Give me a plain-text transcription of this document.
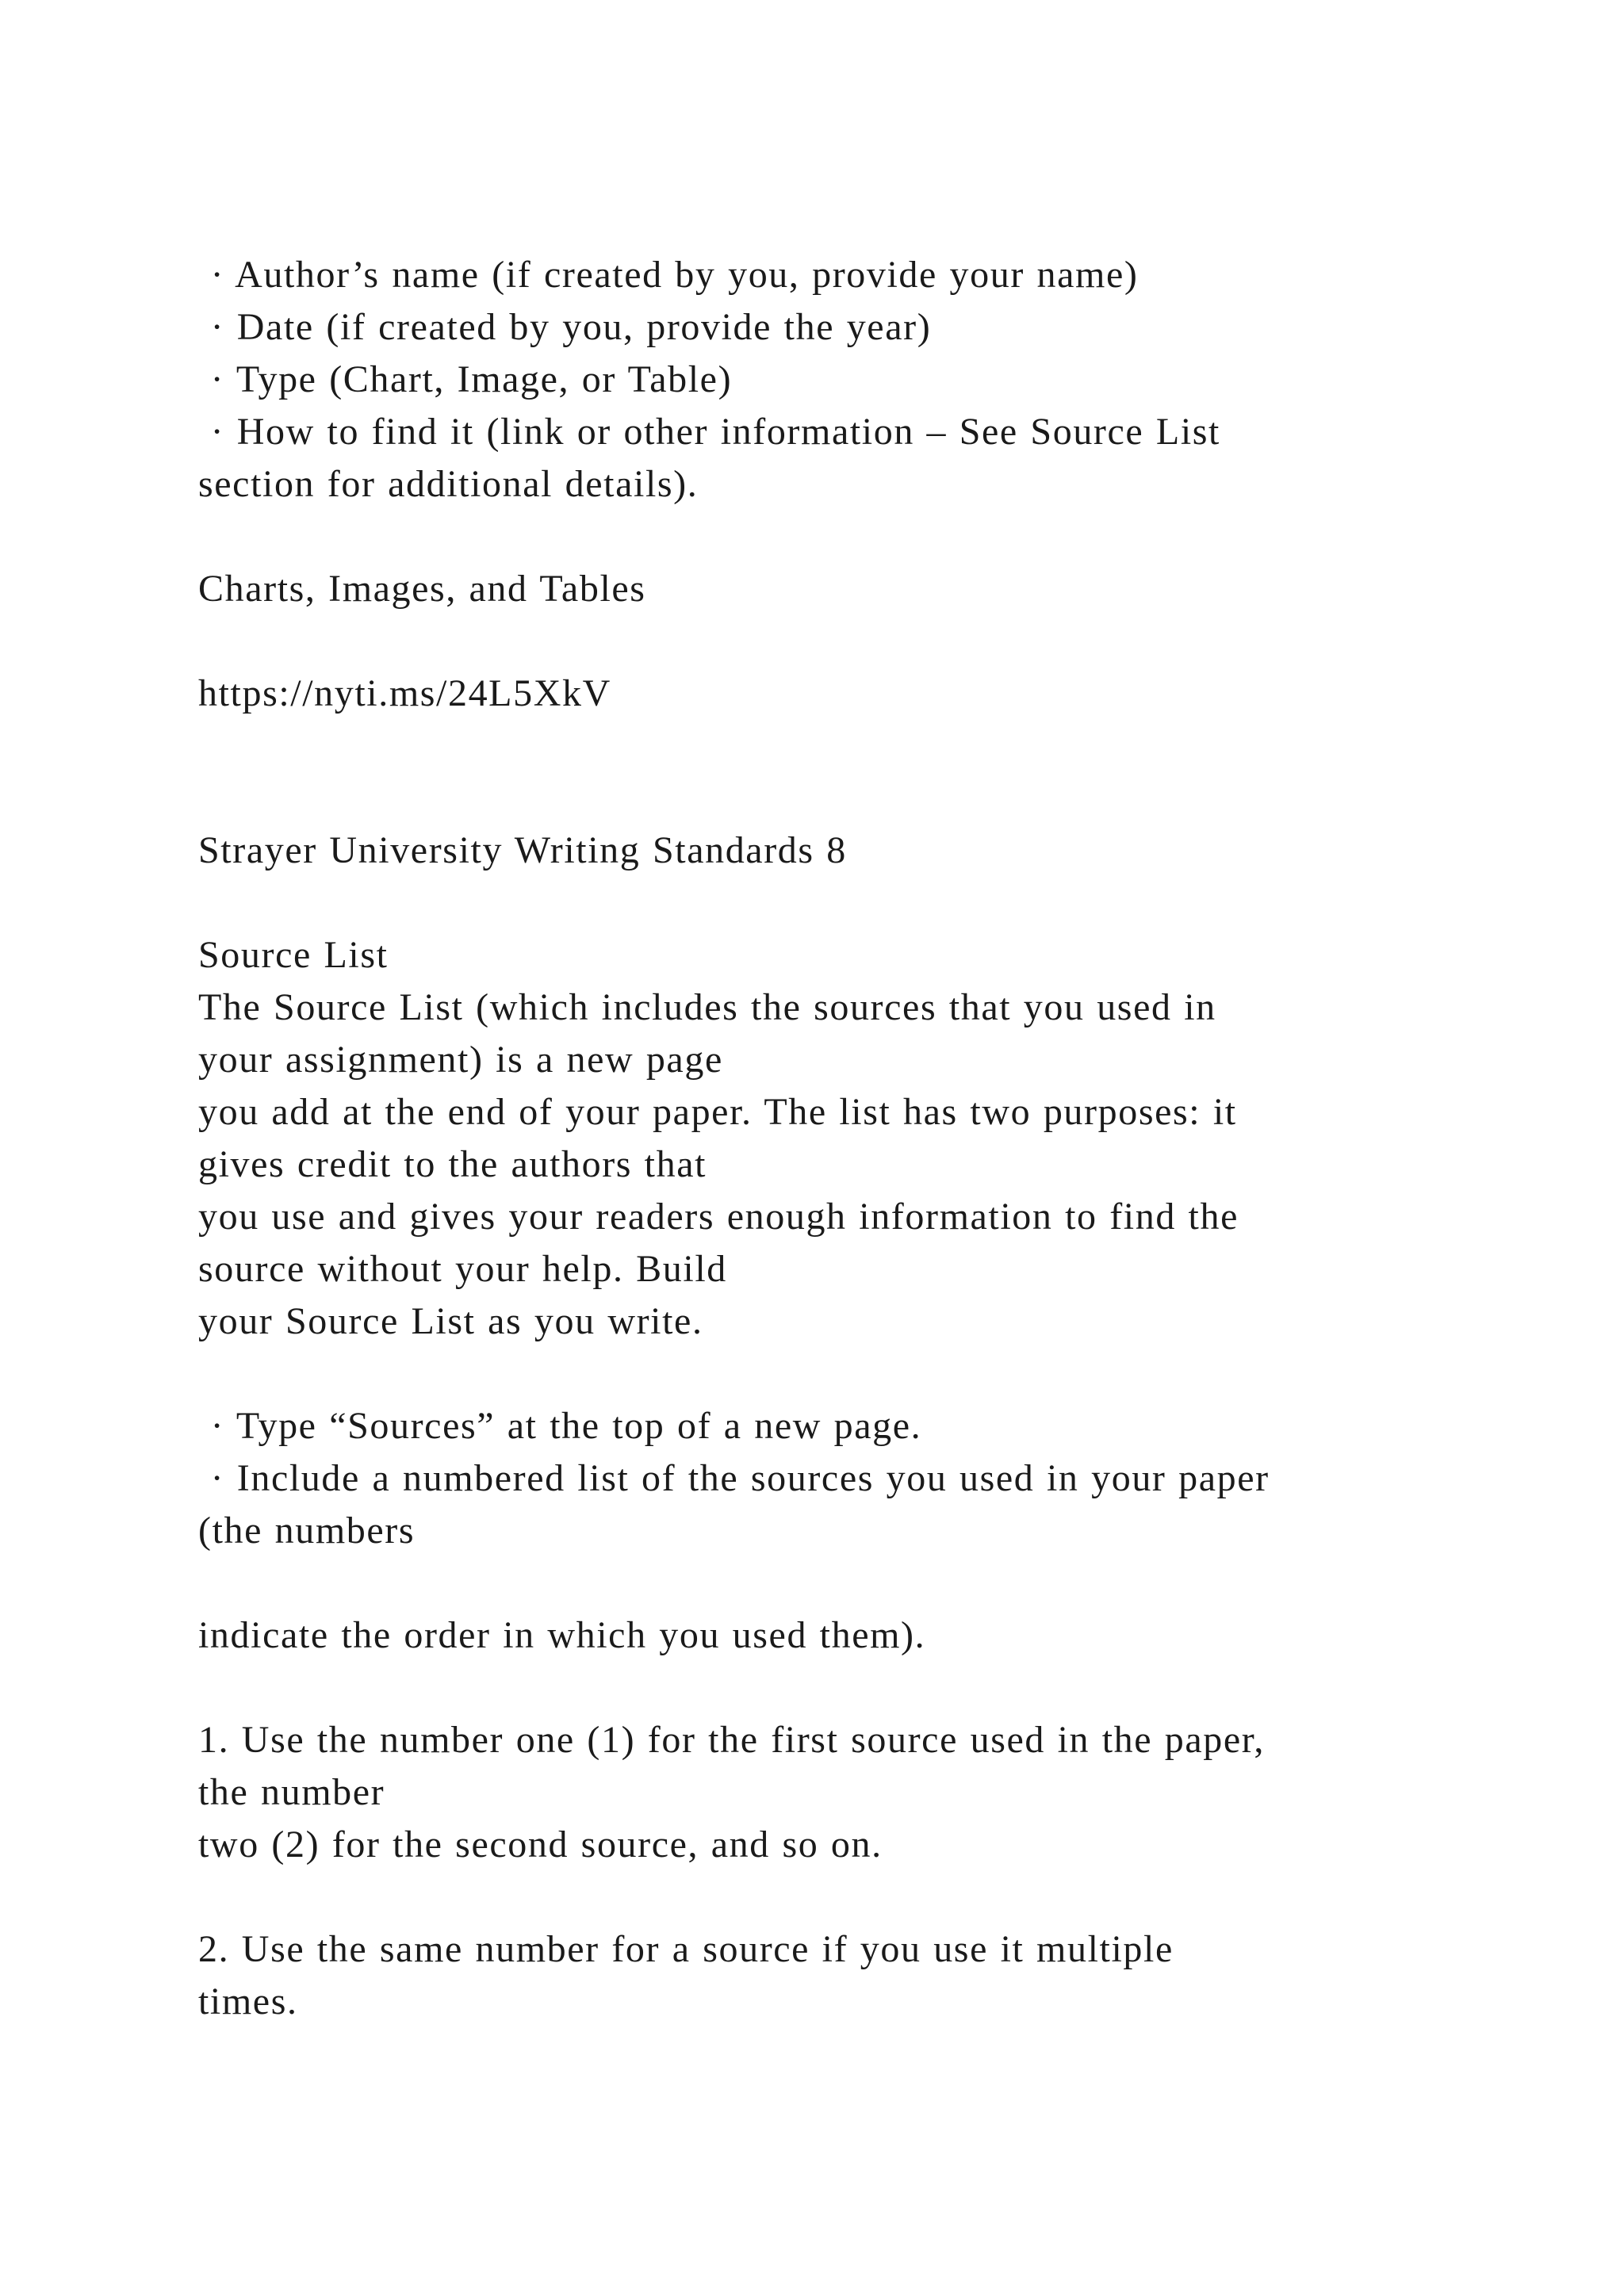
· Author’s name (if created by you, provide your name)
· Date (if created by you, provide the year)
· Type (Chart, Image, or Table)
· How to find it (link or other information – See Source List
section for additional details).
Charts, Images, and Tables
https://nyti.ms/24L5XkV
Strayer University Writing Standards 8
Source List
The Source List (which includes the sources that you used in
your assignment) is a new page
you add at the end of your paper. The list has two purposes: it
gives credit to the authors that
you use and gives your readers enough information to find the
source without your help. Build
your Source List as you write.
· Type “Sources” at the top of a new page.
· Include a numbered list of the sources you used in your paper
(the numbers
indicate the order in which you used them).
1. Use the number one (1) for the first source used in the paper,
the number
two (2) for the second source, and so on.
2. Use the same number for a source if you use it multiple
times.
